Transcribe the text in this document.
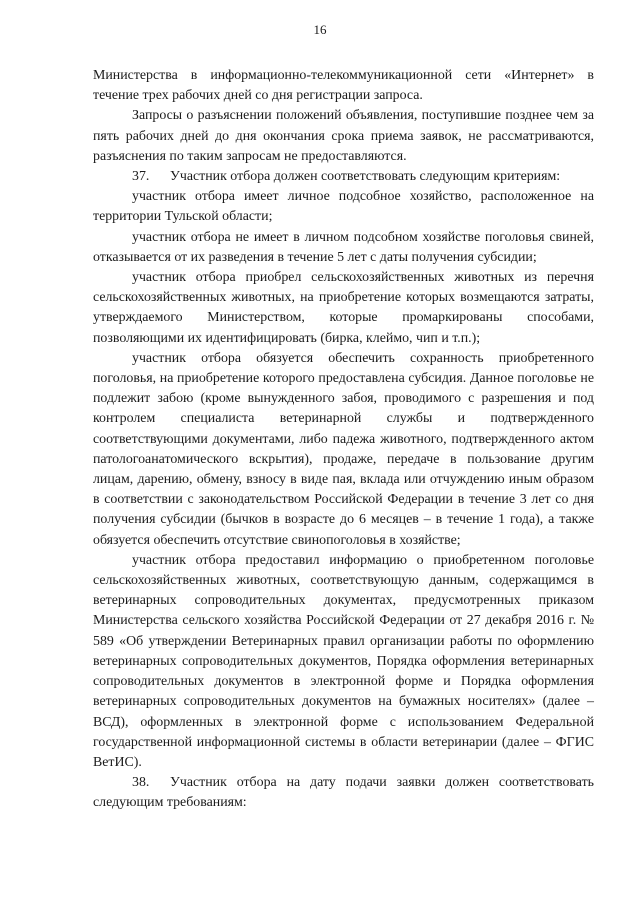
16

Министерства в информационно-телекоммуникационной сети «Интернет» в течение трех рабочих дней со дня регистрации запроса.

Запросы о разъяснении положений объявления, поступившие позднее чем за пять рабочих дней до дня окончания срока приема заявок, не рассматриваются, разъяснения по таким запросам не предоставляются.

37. Участник отбора должен соответствовать следующим критериям:

участник отбора имеет личное подсобное хозяйство, расположенное на территории Тульской области;

участник отбора не имеет в личном подсобном хозяйстве поголовья свиней, отказывается от их разведения в течение 5 лет с даты получения субсидии;

участник отбора приобрел сельскохозяйственных животных из перечня сельскохозяйственных животных, на приобретение которых возмещаются затраты, утверждаемого Министерством, которые промаркированы способами, позволяющими их идентифицировать (бирка, клеймо, чип и т.п.);

участник отбора обязуется обеспечить сохранность приобретенного поголовья, на приобретение которого предоставлена субсидия. Данное поголовье не подлежит забою (кроме вынужденного забоя, проводимого с разрешения и под контролем специалиста ветеринарной службы и подтвержденного соответствующими документами, либо падежа животного, подтвержденного актом патологоанатомического вскрытия), продаже, передаче в пользование другим лицам, дарению, обмену, взносу в виде пая, вклада или отчуждению иным образом в соответствии с законодательством Российской Федерации в течение 3 лет со дня получения субсидии (бычков в возрасте до 6 месяцев – в течение 1 года), а также обязуется обеспечить отсутствие свинопоголовья в хозяйстве;

участник отбора предоставил информацию о приобретенном поголовье сельскохозяйственных животных, соответствующую данным, содержащимся в ветеринарных сопроводительных документах, предусмотренных приказом Министерства сельского хозяйства Российской Федерации от 27 декабря 2016 г. № 589 «Об утверждении Ветеринарных правил организации работы по оформлению ветеринарных сопроводительных документов, Порядка оформления ветеринарных сопроводительных документов в электронной форме и Порядка оформления ветеринарных сопроводительных документов на бумажных носителях» (далее – ВСД), оформленных в электронной форме с использованием Федеральной государственной информационной системы в области ветеринарии (далее – ФГИС ВетИС).

38. Участник отбора на дату подачи заявки должен соответствовать следующим требованиям:
